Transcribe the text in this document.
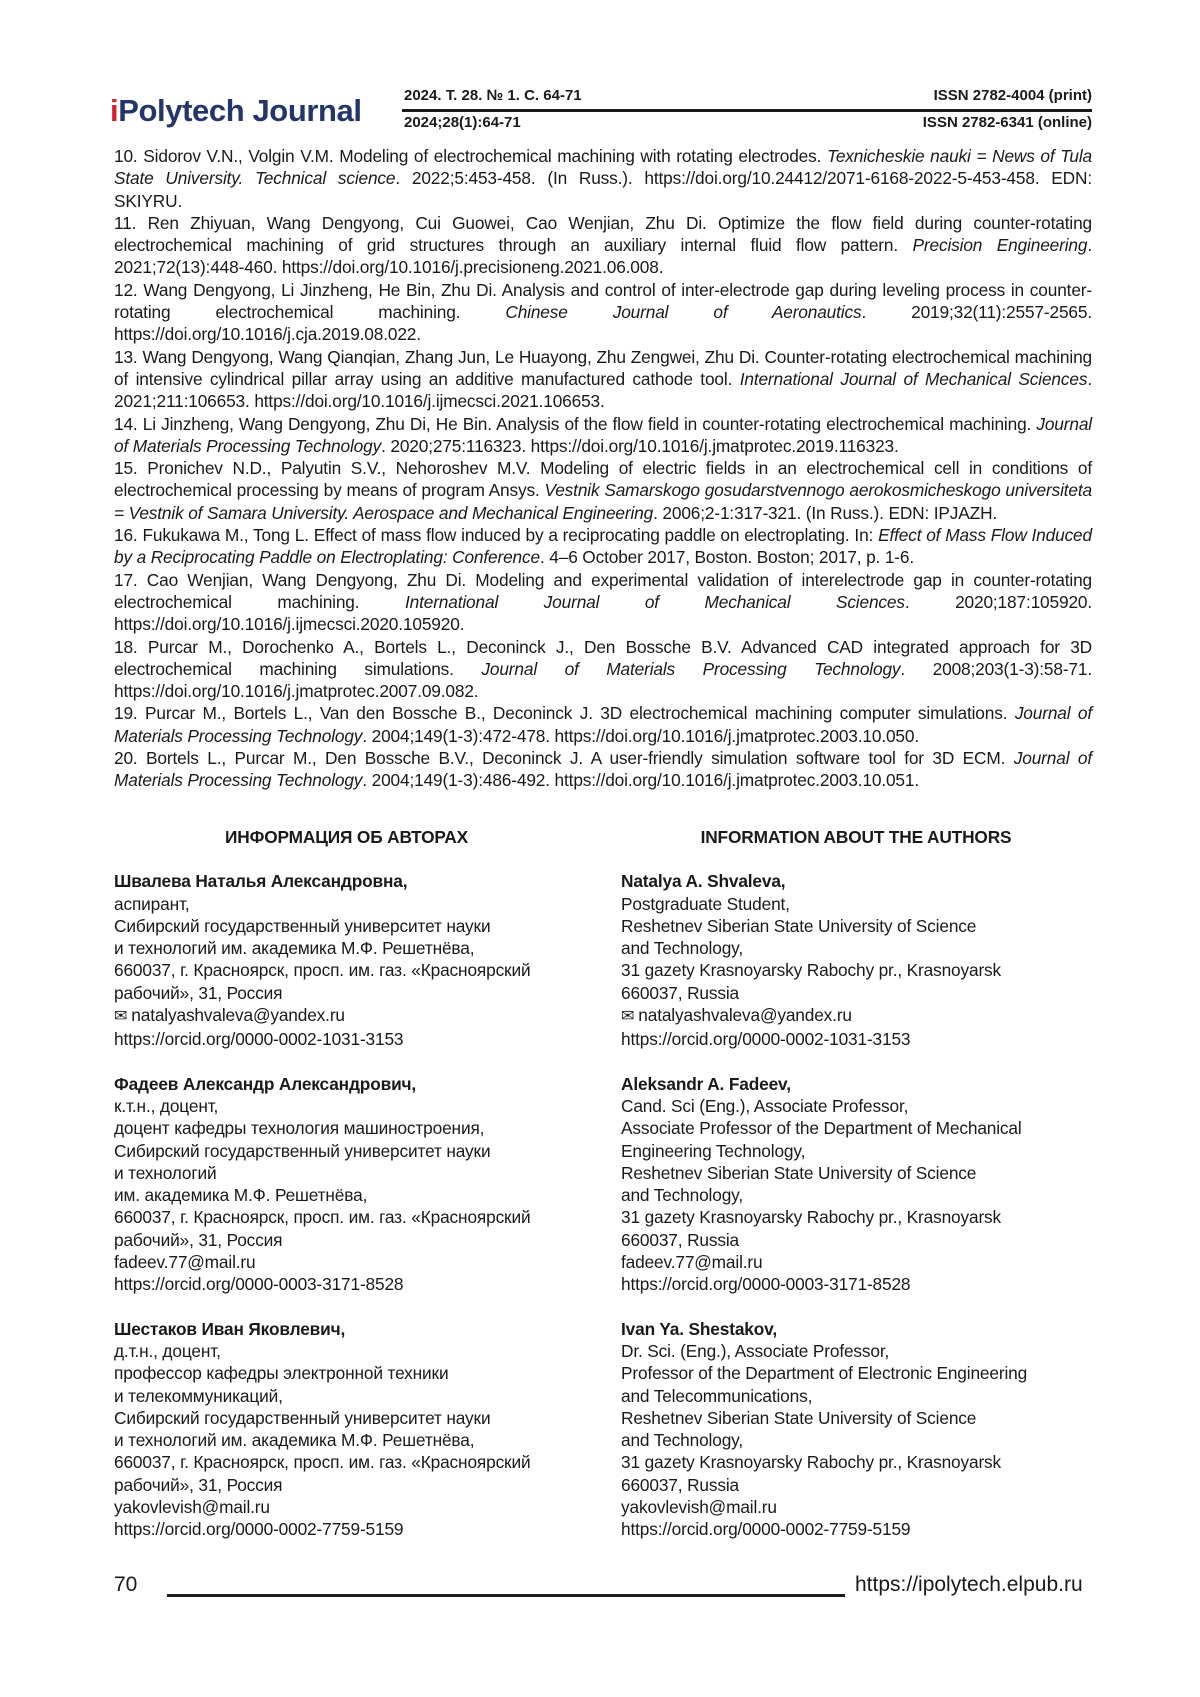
iPolytech Journal	2024. Т. 28. № 1. С. 64-71
2024;28(1):64-71
ISSN 2782-4004 (print)
ISSN 2782-6341 (online)

10. Sidorov V.N., Volgin V.M. Modeling of electrochemical machining with rotating electrodes. Texnicheskie nauki = News of Tula State University. Technical science. 2022;5:453-458. (In Russ.). https://doi.org/10.24412/2071-6168-2022-5-453-458. EDN: SKIYRU.

11. Ren Zhiyuan, Wang Dengyong, Cui Guowei, Cao Wenjian, Zhu Di. Optimize the flow field during counter-rotating electrochemical machining of grid structures through an auxiliary internal fluid flow pattern. Precision Engineering. 2021;72(13):448-460. https://doi.org/10.1016/j.precisioneng.2021.06.008.

12. Wang Dengyong, Li Jinzheng, He Bin, Zhu Di. Analysis and control of inter-electrode gap during leveling process in counter-rotating electrochemical machining. Chinese Journal of Aeronautics. 2019;32(11):2557-2565. https://doi.org/10.1016/j.cja.2019.08.022.

13. Wang Dengyong, Wang Qianqian, Zhang Jun, Le Huayong, Zhu Zengwei, Zhu Di. Counter-rotating electrochemical machining of intensive cylindrical pillar array using an additive manufactured cathode tool. International Journal of Mechanical Sciences. 2021;211:106653. https://doi.org/10.1016/j.ijmecsci.2021.106653.

14. Li Jinzheng, Wang Dengyong, Zhu Di, He Bin. Analysis of the flow field in counter-rotating electrochemical machining. Journal of Materials Processing Technology. 2020;275:116323. https://doi.org/10.1016/j.jmatprotec.2019.116323.

15. Pronichev N.D., Palyutin S.V., Nehoroshev M.V. Modeling of electric fields in an electrochemical cell in conditions of electrochemical processing by means of program Ansys. Vestnik Samarskogo gosudarstvennogo aerokosmicheskogo universiteta = Vestnik of Samara University. Aerospace and Mechanical Engineering. 2006;2-1:317-321. (In Russ.). EDN: IPJAZH.

16. Fukukawa M., Tong L. Effect of mass flow induced by a reciprocating paddle on electroplating. In: Effect of Mass Flow Induced by a Reciprocating Paddle on Electroplating: Conference. 4–6 October 2017, Boston. Boston; 2017, p. 1-6.

17. Cao Wenjian, Wang Dengyong, Zhu Di. Modeling and experimental validation of interelectrode gap in counter-rotating electrochemical machining. International Journal of Mechanical Sciences. 2020;187:105920. https://doi.org/10.1016/j.ijmecsci.2020.105920.

18. Purcar M., Dorochenko A., Bortels L., Deconinck J., Den Bossche B.V. Advanced CAD integrated approach for 3D electrochemical machining simulations. Journal of Materials Processing Technology. 2008;203(1-3):58-71. https://doi.org/10.1016/j.jmatprotec.2007.09.082.

19. Purcar M., Bortels L., Van den Bossche B., Deconinck J. 3D electrochemical machining computer simulations. Journal of Materials Processing Technology. 2004;149(1-3):472-478. https://doi.org/10.1016/j.jmatprotec.2003.10.050.

20. Bortels L., Purcar M., Den Bossche B.V., Deconinck J. A user-friendly simulation software tool for 3D ECM. Journal of Materials Processing Technology. 2004;149(1-3):486-492. https://doi.org/10.1016/j.jmatprotec.2003.10.051.

ИНФОРМАЦИЯ ОБ АВТОРАХ

Швалева Наталья Александровна,
аспирант,
Сибирский государственный университет науки
и технологий им. академика М.Ф. Решетнёва,
660037, г. Красноярск, просп. им. газ. «Красноярский
рабочий», 31, Россия
✉ natalyashvaleva@yandex.ru
https://orcid.org/0000-0002-1031-3153
Фадеев Александр Александрович,
к.т.н., доцент,
доцент кафедры технология машиностроения,
Сибирский государственный университет науки
и технологий
им. академика М.Ф. Решетнёва,
660037, г. Красноярск, просп. им. газ. «Красноярский
рабочий», 31, Россия
fadeev.77@mail.ru
https://orcid.org/0000-0003-3171-8528
Шестаков Иван Яковлевич,
д.т.н., доцент,
профессор кафедры электронной техники
и телекоммуникаций,
Сибирский государственный университет науки
и технологий им. академика М.Ф. Решетнёва,
660037, г. Красноярск, просп. им. газ. «Красноярский
рабочий», 31, Россия
yakovlevish@mail.ru
https://orcid.org/0000-0002-7759-5159

INFORMATION ABOUT THE AUTHORS

Natalya A. Shvaleva,
Postgraduate Student,
Reshetnev Siberian State University of Science
and Technology,
31 gazety Krasnoyarsky Rabochy pr., Krasnoyarsk
660037, Russia
✉ natalyashvaleva@yandex.ru
https://orcid.org/0000-0002-1031-3153
Aleksandr A. Fadeev,
Cand. Sci (Eng.), Associate Professor,
Associate Professor of the Department of Mechanical
Engineering Technology,
Reshetnev Siberian State University of Science
and Technology,
31 gazety Krasnoyarsky Rabochy pr., Krasnoyarsk
660037, Russia
fadeev.77@mail.ru
https://orcid.org/0000-0003-3171-8528
Ivan Ya. Shestakov,
Dr. Sci. (Eng.), Associate Professor,
Professor of the Department of Electronic Engineering
and Telecommunications,
Reshetnev Siberian State University of Science
and Technology,
31 gazety Krasnoyarsky Rabochy pr., Krasnoyarsk
660037, Russia
yakovlevish@mail.ru
https://orcid.org/0000-0002-7759-5159
70	https://ipolytech.elpub.ru
